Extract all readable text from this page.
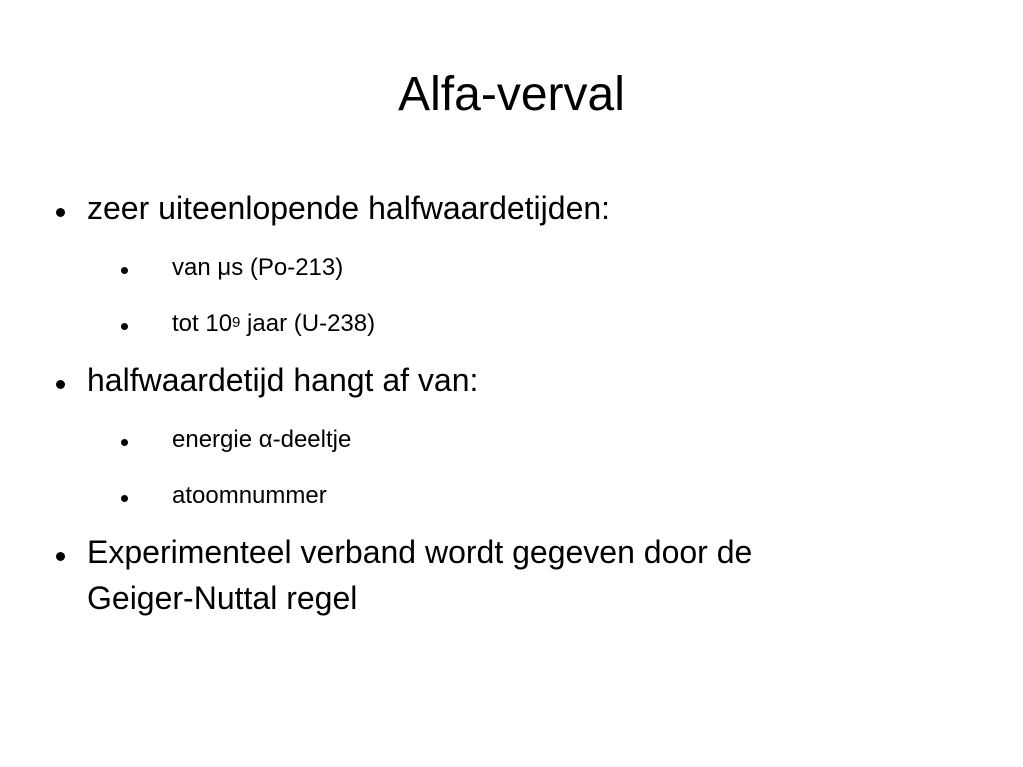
Alfa-verval

zeer uiteenlopende halfwaardetijden:

van μs (Po-213)

tot $10^9$ jaar (U-238)

halfwaardetijd hangt af van:

energie α-deeltje

atoomnummer

Experimenteel verband wordt gegeven door de

Geiger-Nuttal regel
